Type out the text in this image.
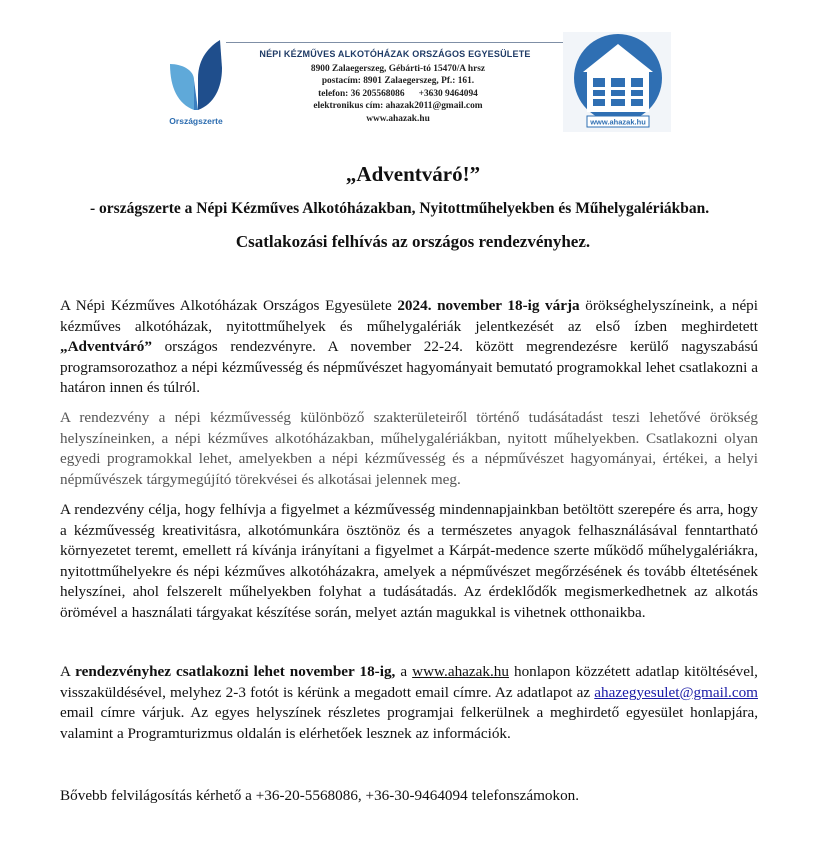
Országszerte
NÉPI KÉZMŰVES ALKOTÓHÁZAK ORSZÁGOS EGYESÜLETE
8900 Zalaegerszeg, Gébárti-tó 15470/A hrsz
postacím: 8901 Zalaegerszeg, Pf.: 161.
telefon: 36 205568086      +3630 9464094
elektronikus cím: ahazak2011@gmail.com
www.ahazak.hu	www.ahazak.hu
„Adventváró!”
- országszerte a Népi Kézműves Alkotóházakban, Nyitottműhelyekben és Műhelygalériákban.
Csatlakozási felhívás az országos rendezvényhez.
A Népi Kézműves Alkotóházak Országos Egyesülete 2024. november 18-ig várja örökséghelyszíneink, a népi kézműves alkotóházak, nyitottműhelyek és műhelygalériák jelentkezését az első ízben meghirdetett „Adventváró” országos rendezvényre. A november 22-24. között megrendezésre kerülő nagyszabású programsorozathoz a népi kézművesség és népművészet hagyományait bemutató programokkal lehet csatlakozni a határon innen és túlról.
A rendezvény a népi kézművesség különböző szakterületeiről történő tudásátadást teszi lehetővé örökség helyszíneinken, a népi kézműves alkotóházakban, műhelygalériákban, nyitott műhelyekben. Csatlakozni olyan egyedi programokkal lehet, amelyekben a népi kézművesség és a népművészet hagyományai, értékei, a helyi népművészek tárgymegújító törekvései és alkotásai jelennek meg.
A rendezvény célja, hogy felhívja a figyelmet a kézművesség mindennapjainkban betöltött szerepére és arra, hogy a kézművesség kreativitásra, alkotómunkára ösztönöz és a természetes anyagok felhasználásával fenntartható környezetet teremt, emellett rá kívánja irányítani a figyelmet a Kárpát-medence szerte működő műhelygalériákra, nyitottműhelyekre és népi kézműves alkotóházakra, amelyek a népművészet megőrzésének és tovább éltetésének helyszínei, ahol felszerelt műhelyekben folyhat a tudásátadás. Az érdeklődők megismerkedhetnek az alkotás örömével a használati tárgyakat készítése során, melyet aztán magukkal is vihetnek otthonaikba.
A rendezvényhez csatlakozni lehet november 18-ig, a www.ahazak.hu honlapon közzétett adatlap kitöltésével, visszaküldésével, melyhez 2-3 fotót is kérünk a megadott email címre. Az adatlapot az ahazegyesulet@gmail.com email címre várjuk. Az egyes helyszínek részletes programjai felkerülnek a meghirdető egyesület honlapjára, valamint a Programturizmus oldalán is elérhetőek lesznek az információk.
Bővebb felvilágosítás kérhető a +36-20-5568086, +36-30-9464094 telefonszámokon.
